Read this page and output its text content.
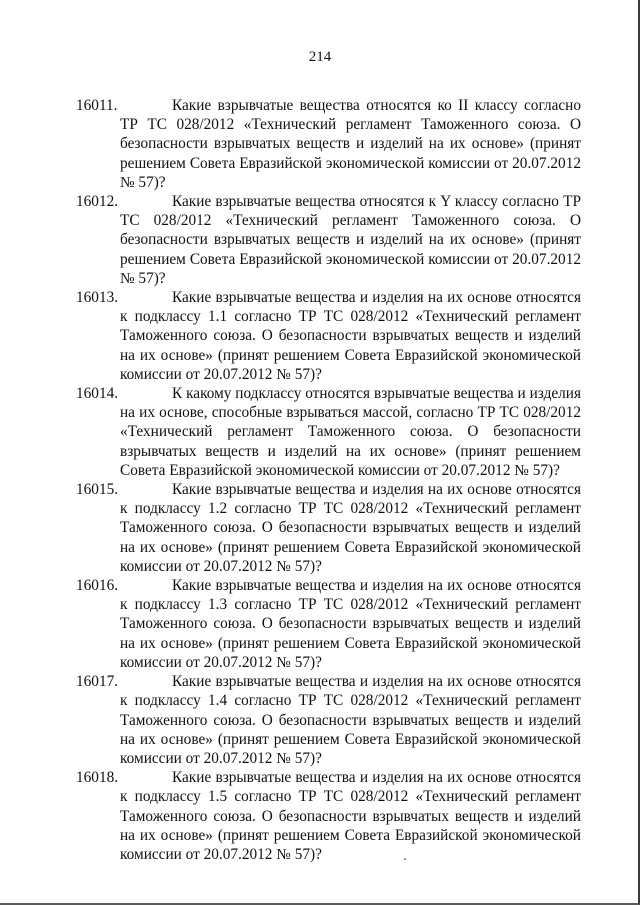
214
16011.	Какие взрывчатые вещества относятся ко II классу согласно ТР ТС 028/2012 «Технический регламент Таможенного союза. О безопасности взрывчатых веществ и изделий на их основе» (принят решением Совета Евразийской экономической комиссии от 20.07.2012 № 57)?
16012.	Какие взрывчатые вещества относятся к Y классу согласно ТР ТС 028/2012 «Технический регламент Таможенного союза. О безопасности взрывчатых веществ и изделий на их основе» (принят решением Совета Евразийской экономической комиссии от 20.07.2012 № 57)?
16013.	Какие взрывчатые вещества и изделия на их основе относятся к подклассу 1.1 согласно ТР ТС 028/2012 «Технический регламент Таможенного союза. О безопасности взрывчатых веществ и изделий на их основе» (принят решением Совета Евразийской экономической комиссии от 20.07.2012 № 57)?
16014.	К какому подклассу относятся взрывчатые вещества и изделия на их основе, способные взрываться массой, согласно ТР ТС 028/2012 «Технический регламент Таможенного союза. О безопасности взрывчатых веществ и изделий на их основе» (принят решением Совета Евразийской экономической комиссии от 20.07.2012 № 57)?
16015.	Какие взрывчатые вещества и изделия на их основе относятся к подклассу 1.2 согласно ТР ТС 028/2012 «Технический регламент Таможенного союза. О безопасности взрывчатых веществ и изделий на их основе» (принят решением Совета Евразийской экономической комиссии от 20.07.2012 № 57)?
16016.	Какие взрывчатые вещества и изделия на их основе относятся к подклассу 1.3 согласно ТР ТС 028/2012 «Технический регламент Таможенного союза. О безопасности взрывчатых веществ и изделий на их основе» (принят решением Совета Евразийской экономической комиссии от 20.07.2012 № 57)?
16017.	Какие взрывчатые вещества и изделия на их основе относятся к подклассу 1.4 согласно ТР ТС 028/2012 «Технический регламент Таможенного союза. О безопасности взрывчатых веществ и изделий на их основе» (принят решением Совета Евразийской экономической комиссии от 20.07.2012 № 57)?
16018.	Какие взрывчатые вещества и изделия на их основе относятся к подклассу 1.5 согласно ТР ТС 028/2012 «Технический регламент Таможенного союза. О безопасности взрывчатых веществ и изделий на их основе» (принят решением Совета Евразийской экономической комиссии от 20.07.2012 № 57)?
